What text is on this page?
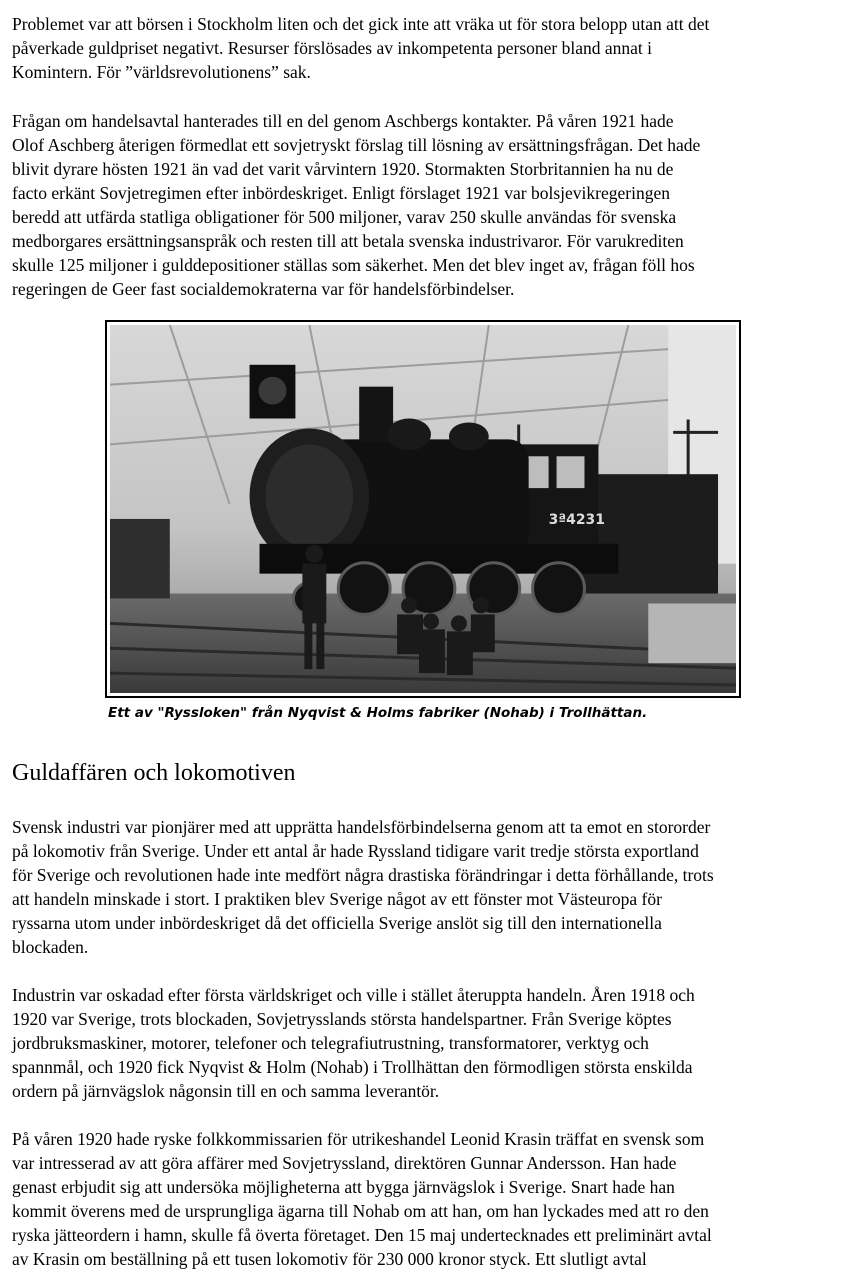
Problemet var att börsen i Stockholm liten och det gick inte att vräka ut för stora belopp utan att det
påverkade guldpriset negativt. Resurser förslösades av inkompetenta personer bland annat i
Komintern. För ”världsrevolutionens” sak.

Frågan om handelsavtal hanterades till en del genom Aschbergs kontakter. På våren 1921 hade
Olof Aschberg återigen förmedlat ett sovjetryskt förslag till lösning av ersättningsfrågan. Det hade
blivit dyrare hösten 1921 än vad det varit vårvintern 1920. Stormakten Storbritannien ha nu de
facto erkänt Sovjetregimen efter inbördeskriget. Enligt förslaget 1921 var bolsjevikregeringen
beredd att utfärda statliga obligationer för 500 miljoner, varav 250 skulle användas för svenska
medborgares ersättningsanspråk och resten till att betala svenska industrivaror. För varukrediten
skulle 125 miljoner i gulddepositioner ställas som säkerhet. Men det blev inget av, frågan föll hos
regeringen de Geer fast socialdemokraterna var för handelsförbindelser.

3ª4231

Ett av "Ryssloken" från Nyqvist & Holms fabriker (Nohab) i Trollhättan.

Guldaffären och lokomotiven

Svensk industri var pionjärer med att upprätta handelsförbindelserna genom att ta emot en stororder
på lokomotiv från Sverige. Under ett antal år hade Ryssland tidigare varit tredje största exportland
för Sverige och revolutionen hade inte medfört några drastiska förändringar i detta förhållande, trots
att handeln minskade i stort. I praktiken blev Sverige något av ett fönster mot Västeuropa för
ryssarna utom under inbördeskriget då det officiella Sverige anslöt sig till den internationella
blockaden.

Industrin var oskadad efter första världskriget och ville i stället återuppta handeln. Åren 1918 och
1920 var Sverige, trots blockaden, Sovjetrysslands största handelspartner. Från Sverige köptes
jordbruksmaskiner, motorer, telefoner och telegrafiutrustning, transformatorer, verktyg och
spannmål, och 1920 fick Nyqvist & Holm (Nohab) i Trollhättan den förmodligen största enskilda
ordern på järnvägslok någonsin till en och samma leverantör.

På våren 1920 hade ryske folkkommissarien för utrikeshandel Leonid Krasin träffat en svensk som
var intresserad av att göra affärer med Sovjetryssland, direktören Gunnar Andersson. Han hade
genast erbjudit sig att undersöka möjligheterna att bygga järnvägslok i Sverige. Snart hade han
kommit överens med de ursprungliga ägarna till Nohab om att han, om han lyckades med att ro den
ryska jätteordern i hamn, skulle få överta företaget. Den 15 maj undertecknades ett preliminärt avtal
av Krasin om beställning på ett tusen lokomotiv för 230 000 kronor styck. Ett slutligt avtal
